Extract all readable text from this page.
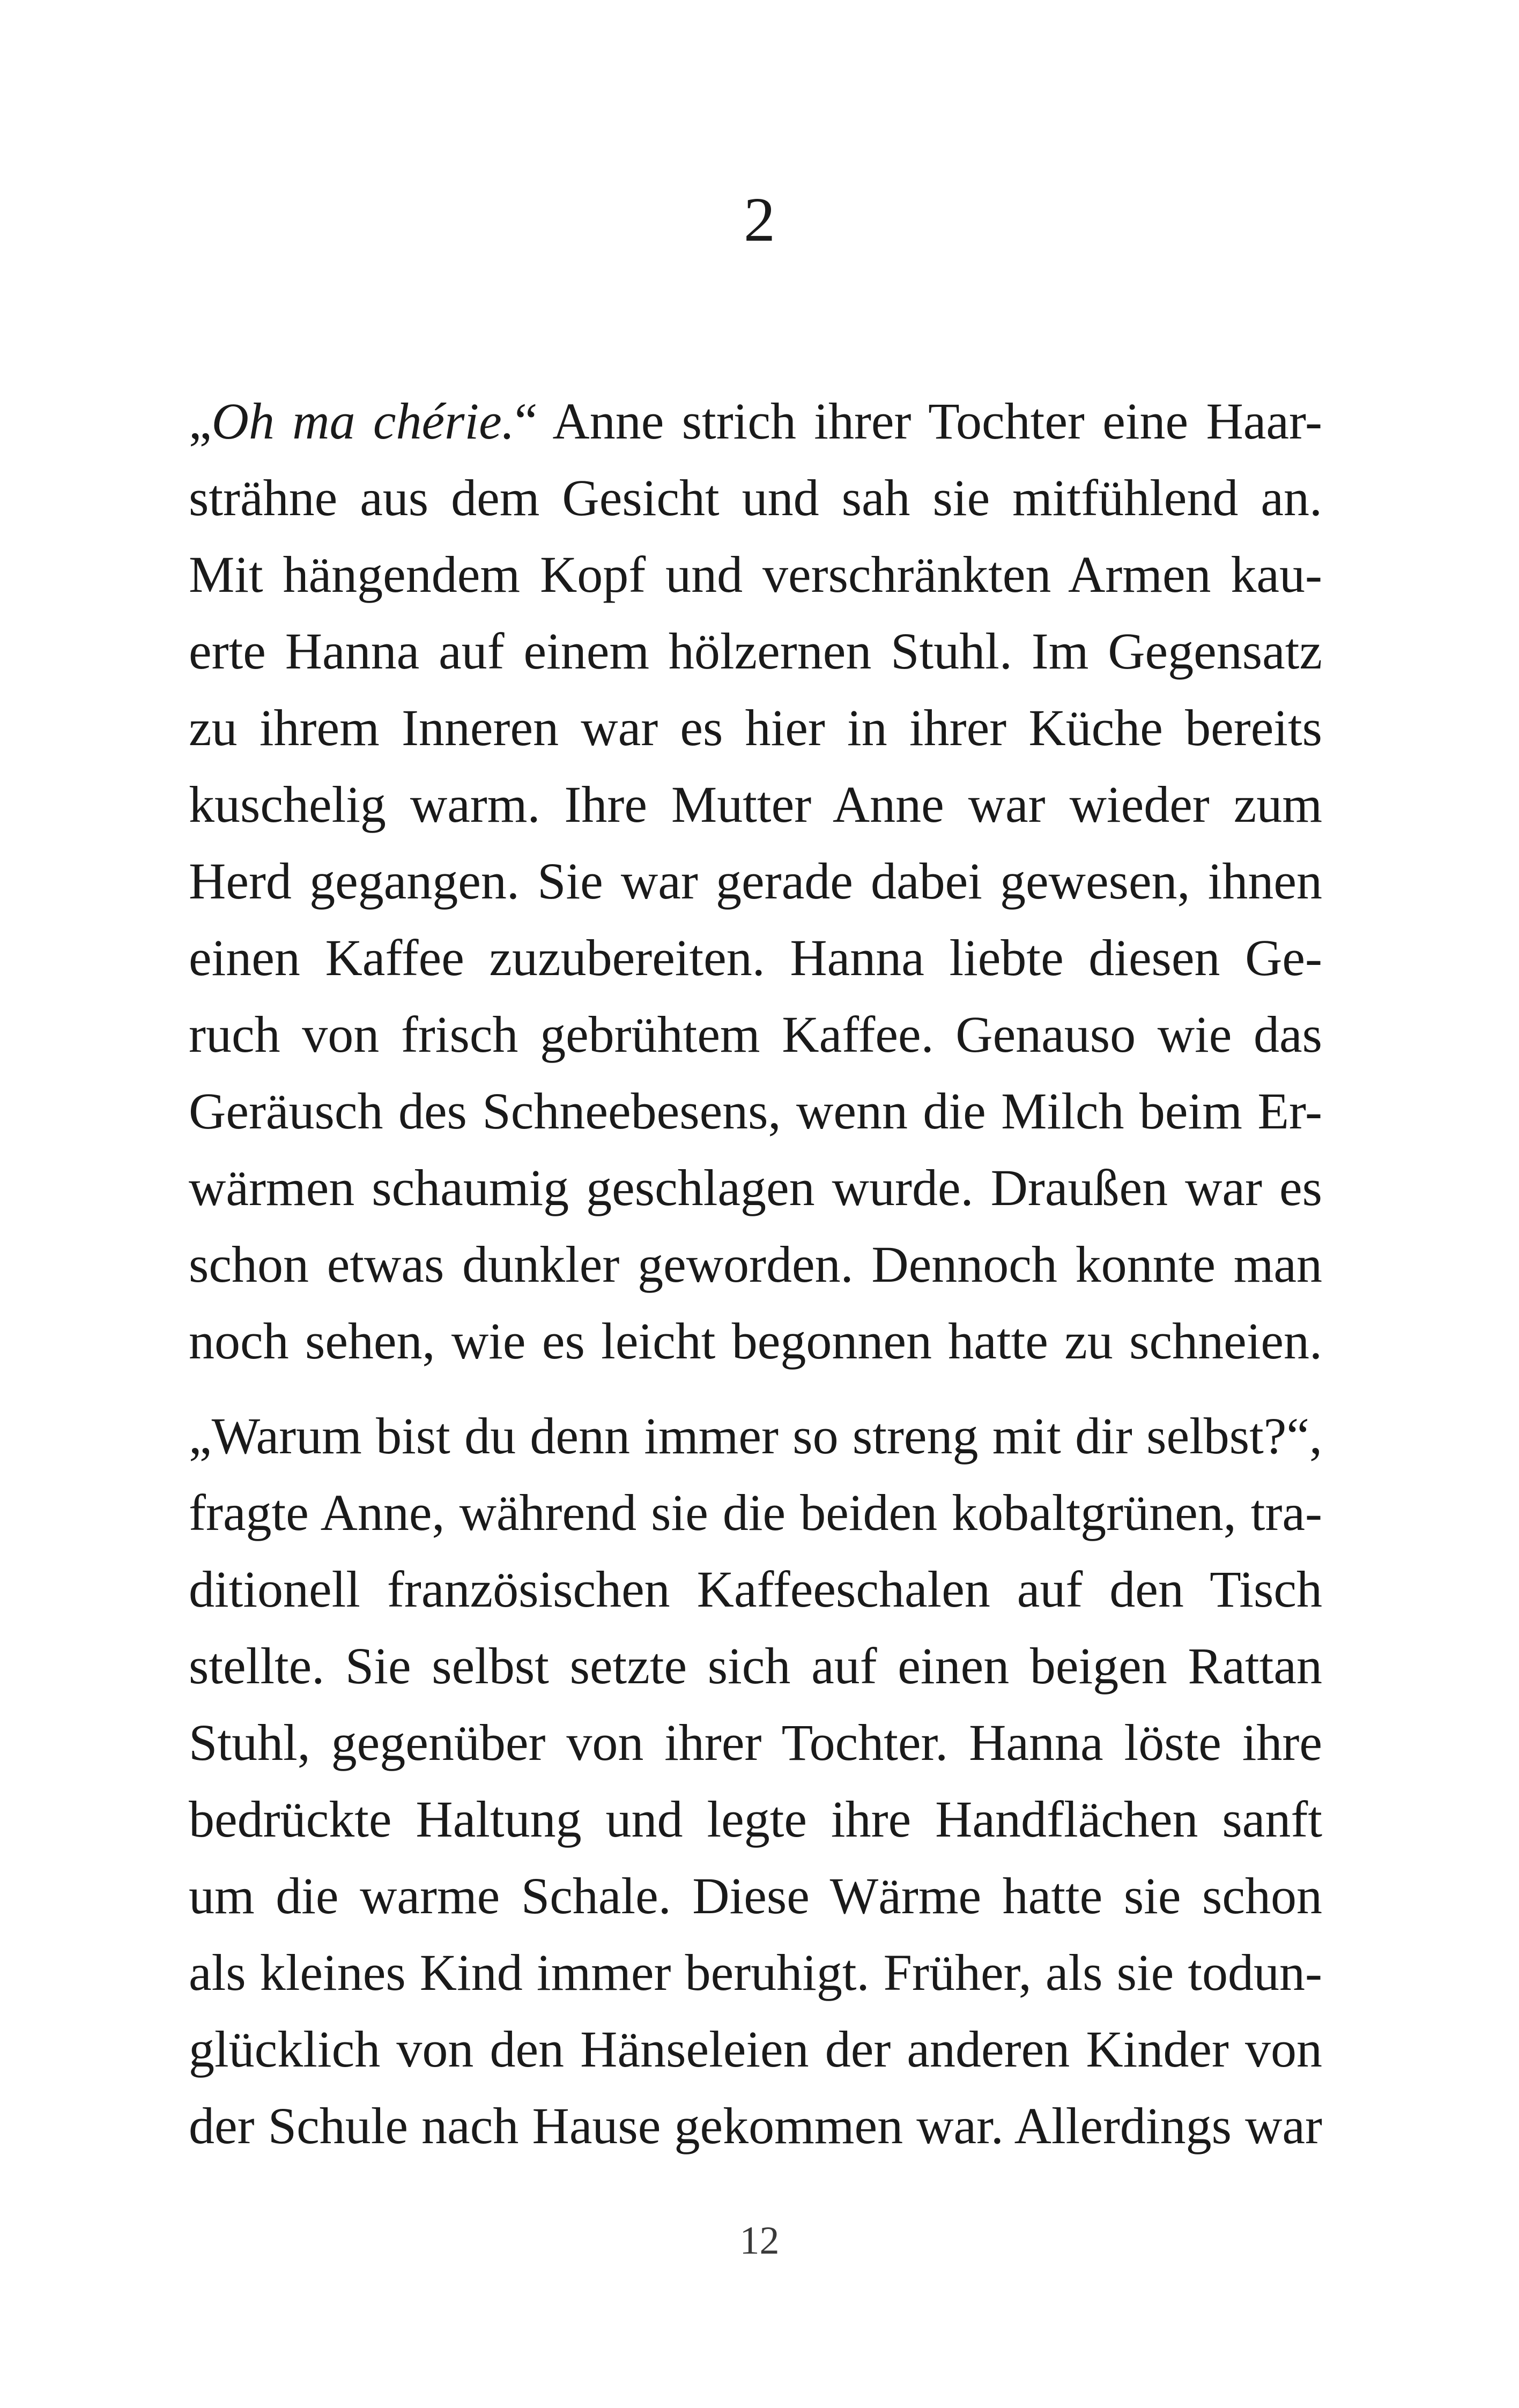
2

„Oh ma chérie.“ Anne strich ihrer Tochter eine Haar-
strähne aus dem Gesicht und sah sie mitfühlend an.
Mit hängendem Kopf und verschränkten Armen kau-
erte Hanna auf einem hölzernen Stuhl. Im Gegensatz
zu ihrem Inneren war es hier in ihrer Küche bereits
kuschelig warm. Ihre Mutter Anne war wieder zum
Herd gegangen. Sie war gerade dabei gewesen, ihnen
einen Kaffee zuzubereiten. Hanna liebte diesen Ge-
ruch von frisch gebrühtem Kaffee. Genauso wie das
Geräusch des Schneebesens, wenn die Milch beim Er-
wärmen schaumig geschlagen wurde. Draußen war es
schon etwas dunkler geworden. Dennoch konnte man
noch sehen, wie es leicht begonnen hatte zu schneien.

„Warum bist du denn immer so streng mit dir selbst?“,
fragte Anne, während sie die beiden kobaltgrünen, tra-
ditionell französischen Kaffeeschalen auf den Tisch
stellte. Sie selbst setzte sich auf einen beigen Rattan
Stuhl, gegenüber von ihrer Tochter. Hanna löste ihre
bedrückte Haltung und legte ihre Handflächen sanft
um die warme Schale. Diese Wärme hatte sie schon
als kleines Kind immer beruhigt. Früher, als sie todun-
glücklich von den Hänseleien der anderen Kinder von
der Schule nach Hause gekommen war. Allerdings war

12
